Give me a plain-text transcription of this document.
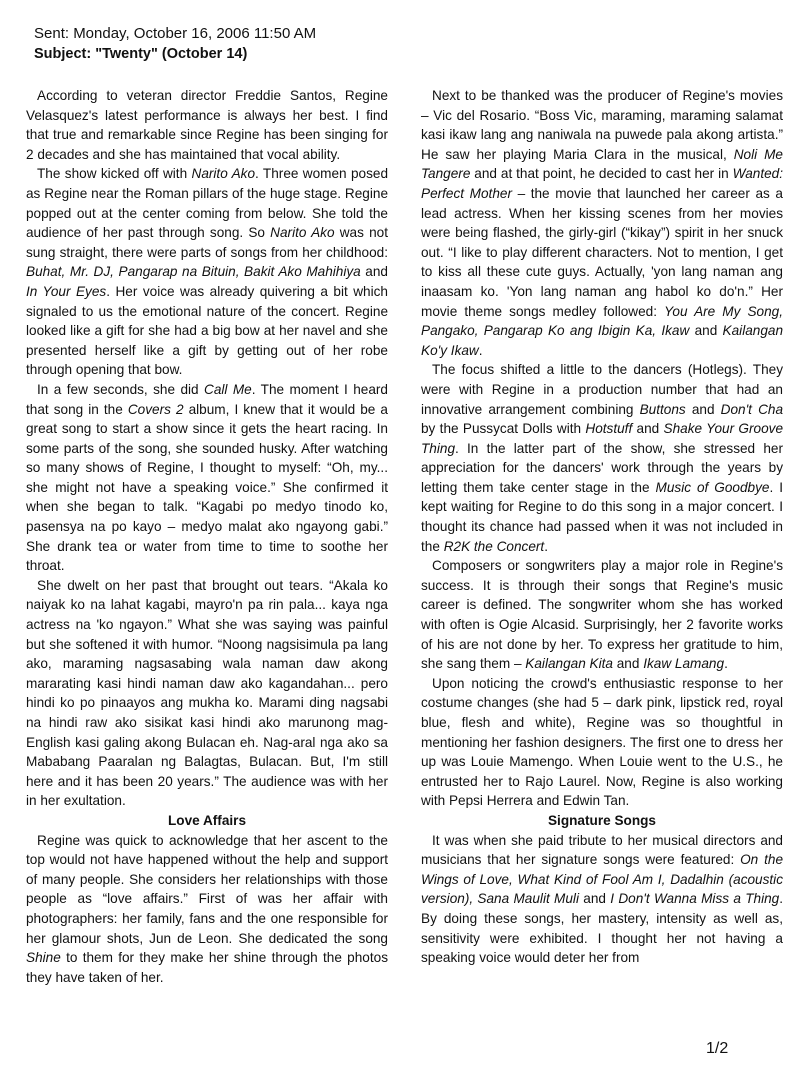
Sent: Monday, October 16, 2006 11:50 AM
Subject: "Twenty" (October 14)

According to veteran director Freddie Santos, Regine Velasquez's latest performance is always her best. I find that true and remarkable since Regine has been singing for 2 decades and she has maintained that vocal ability.

The show kicked off with Narito Ako. Three women posed as Regine near the Roman pillars of the huge stage. Regine popped out at the center coming from below. She told the audience of her past through song. So Narito Ako was not sung straight, there were parts of songs from her childhood: Buhat, Mr. DJ, Pangarap na Bituin, Bakit Ako Mahihiya and In Your Eyes. Her voice was already quivering a bit which signaled to us the emotional nature of the concert. Regine looked like a gift for she had a big bow at her navel and she presented herself like a gift by getting out of her robe through opening that bow.

In a few seconds, she did Call Me. The moment I heard that song in the Covers 2 album, I knew that it would be a great song to start a show since it gets the heart racing. In some parts of the song, she sounded husky. After watching so many shows of Regine, I thought to myself: “Oh, my... she might not have a speaking voice.” She confirmed it when she began to talk. “Kagabi po medyo tinodo ko, pasensya na po kayo – medyo malat ako ngayong gabi.” She drank tea or water from time to time to soothe her throat.

She dwelt on her past that brought out tears. “Akala ko naiyak ko na lahat kagabi, mayro'n pa rin pala... kaya nga actress na 'ko ngayon.” What she was saying was painful but she softened it with humor. “Noong nagsisimula pa lang ako, maraming nagsasabing wala naman daw akong mararating kasi hindi naman daw ako kagandahan... pero hindi ko po pinaayos ang mukha ko. Marami ding nagsabi na hindi raw ako sisikat kasi hindi ako marunong mag-English kasi galing akong Bulacan eh. Nag-aral nga ako sa Mababang Paaralan ng Balagtas, Bulacan. But, I'm still here and it has been 20 years.” The audience was with her in her exultation.

Love Affairs

Regine was quick to acknowledge that her ascent to the top would not have happened without the help and support of many people. She considers her relationships with those people as “love affairs.” First of was her affair with photographers: her family, fans and the one responsible for her glamour shots, Jun de Leon. She dedicated the song Shine to them for they make her shine through the photos they have taken of her.

Next to be thanked was the producer of Regine's movies – Vic del Rosario. “Boss Vic, maraming, maraming salamat kasi ikaw lang ang naniwala na puwede pala akong artista.” He saw her playing Maria Clara in the musical, Noli Me Tangere and at that point, he decided to cast her in Wanted: Perfect Mother – the movie that launched her career as a lead actress. When her kissing scenes from her movies were being flashed, the girly-girl (“kikay”) spirit in her snuck out. “I like to play different characters. Not to mention, I get to kiss all these cute guys. Actually, 'yon lang naman ang inaasam ko. 'Yon lang naman ang habol ko do'n.” Her movie theme songs medley followed: You Are My Song, Pangako, Pangarap Ko ang Ibigin Ka, Ikaw and Kailangan Ko'y Ikaw.

The focus shifted a little to the dancers (Hotlegs). They were with Regine in a production number that had an innovative arrangement combining Buttons and Don't Cha by the Pussycat Dolls with Hotstuff and Shake Your Groove Thing. In the latter part of the show, she stressed her appreciation for the dancers' work through the years by letting them take center stage in the Music of Goodbye. I kept waiting for Regine to do this song in a major concert. I thought its chance had passed when it was not included in the R2K the Concert.

Composers or songwriters play a major role in Regine's success. It is through their songs that Regine's music career is defined. The songwriter whom she has worked with often is Ogie Alcasid. Surprisingly, her 2 favorite works of his are not done by her. To express her gratitude to him, she sang them – Kailangan Kita and Ikaw Lamang.

Upon noticing the crowd's enthusiastic response to her costume changes (she had 5 – dark pink, lipstick red, royal blue, flesh and white), Regine was so thoughtful in mentioning her fashion designers. The first one to dress her up was Louie Mamengo. When Louie went to the U.S., he entrusted her to Rajo Laurel. Now, Regine is also working with Pepsi Herrera and Edwin Tan.

Signature Songs

It was when she paid tribute to her musical directors and musicians that her signature songs were featured: On the Wings of Love, What Kind of Fool Am I, Dadalhin (acoustic version), Sana Maulit Muli and I Don't Wanna Miss a Thing. By doing these songs, her mastery, intensity as well as, sensitivity were exhibited. I thought her not having a speaking voice would deter her from

1/2
